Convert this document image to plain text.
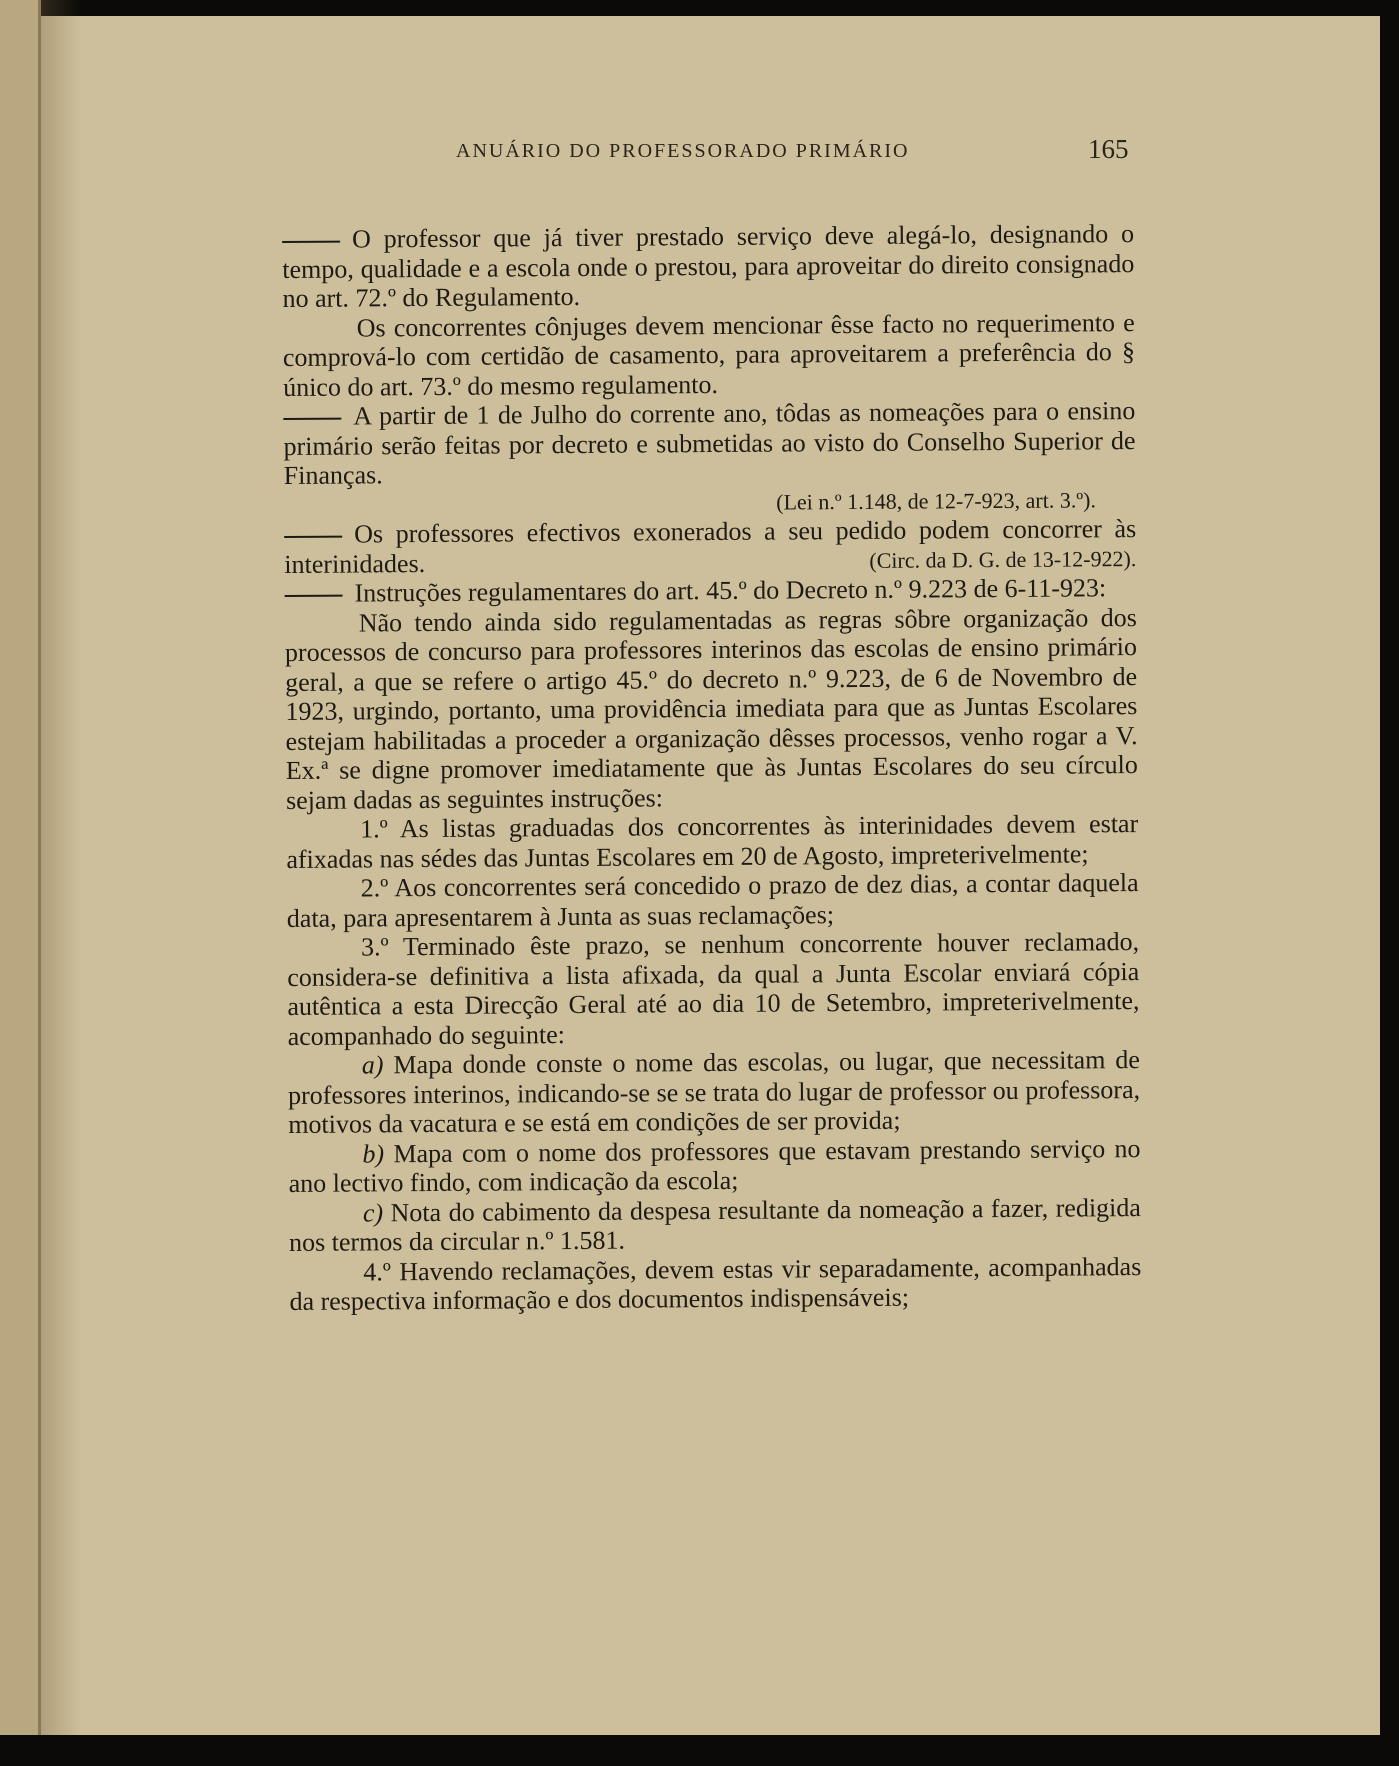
ANUÁRIO DO PROFESSORADO PRIMÁRIO	165

O professor que já tiver prestado serviço deve alegá-lo, designando o tempo, qualidade e a escola onde o prestou, para aproveitar do direito consignado no art. 72.º do Regulamento.

Os concorrentes cônjuges devem mencionar êsse facto no requerimento e comprová-lo com certidão de casamento, para aproveitarem a preferência do § único do art. 73.º do mesmo regulamento.

A partir de 1 de Julho do corrente ano, tôdas as nomeações para o ensino primário serão feitas por decreto e submetidas ao visto do Conselho Superior de Finanças.

(Lei n.º 1.148, de 12-7-923, art. 3.º).

Os professores efectivos exonerados a seu pedido podem concorrer às interinidades.	(Circ. da D. G. de 13-12-922).

Instruções regulamentares do art. 45.º do Decreto n.º 9.223 de 6-11-923:

Não tendo ainda sido regulamentadas as regras sôbre organização dos processos de concurso para professores interinos das escolas de ensino primário geral, a que se refere o artigo 45.º do decreto n.º 9.223, de 6 de Novembro de 1923, urgindo, portanto, uma providência imediata para que as Juntas Escolares estejam habilitadas a proceder a organização dêsses processos, venho rogar a V. Ex.ª se digne promover imediatamente que às Juntas Escolares do seu círculo sejam dadas as seguintes instruções:

1.º As listas graduadas dos concorrentes às interinidades devem estar afixadas nas sédes das Juntas Escolares em 20 de Agosto, impreterivelmente;

2.º Aos concorrentes será concedido o prazo de dez dias, a contar daquela data, para apresentarem à Junta as suas reclamações;

3.º Terminado êste prazo, se nenhum concorrente houver reclamado, considera-se definitiva a lista afixada, da qual a Junta Escolar enviará cópia autêntica a esta Direcção Geral até ao dia 10 de Setembro, impreterivelmente, acompanhado do seguinte:

a) Mapa donde conste o nome das escolas, ou lugar, que necessitam de professores interinos, indicando-se se se trata do lugar de professor ou professora, motivos da vacatura e se está em condições de ser provida;

b) Mapa com o nome dos professores que estavam prestando serviço no ano lectivo findo, com indicação da escola;

c) Nota do cabimento da despesa resultante da nomeação a fazer, redigida nos termos da circular n.º 1.581.

4.º Havendo reclamações, devem estas vir separadamente, acompanhadas da respectiva informação e dos documentos indispensáveis;
